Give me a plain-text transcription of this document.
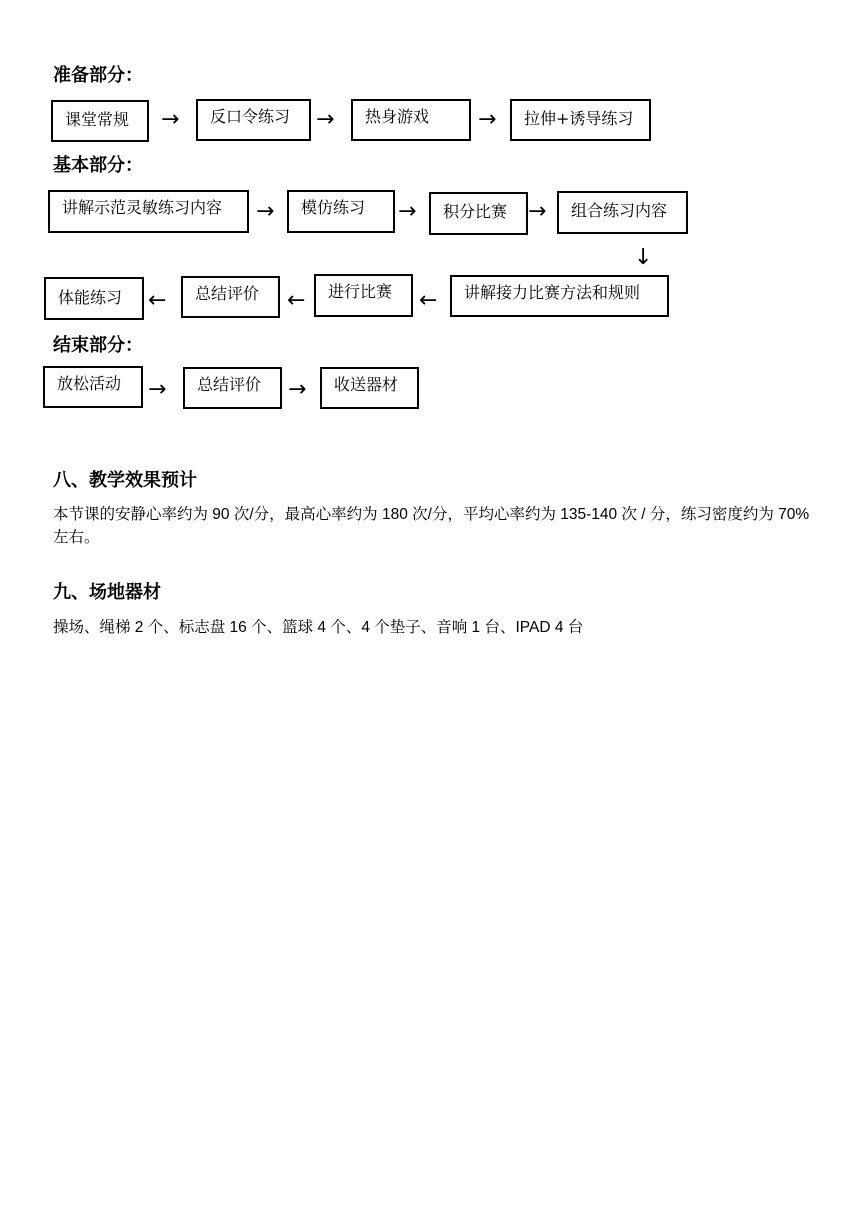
准备部分：
课堂常规	→	反口令练习	→	热身游戏	→	拉伸+诱导练习
基本部分：
讲解示范灵敏练习内容	→	模仿练习	→	积分比赛 →	组合练习内容
↓
讲解接力比赛方法和规则
←
进行比赛
←
总结评价
←
体能练习
结束部分：
放松活动	→	总结评价	→	收送器材
八、教学效果预计
本节课的安静心率约为 90 次/分，最高心率约为 180 次/分，平均心率约为 135-140 次 / 分，练习密度约为 70%左右。
九、场地器材
操场、绳梯 2 个、标志盘 16 个、篮球 4 个、4 个垫子、音响 1 台、IPAD 4 台
